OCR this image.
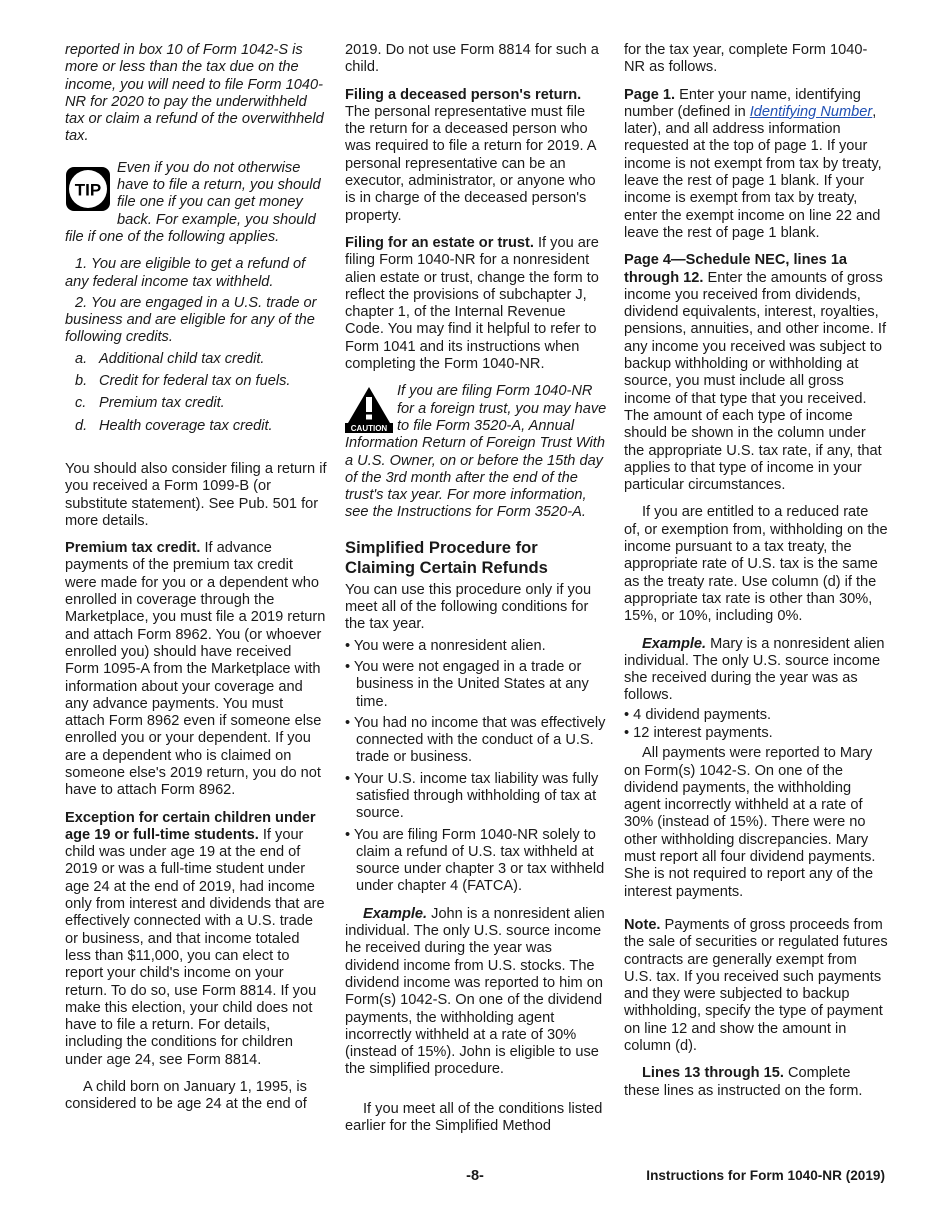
reported in box 10 of Form 1042-S is more or less than the tax due on the income, you will need to file Form 1040-NR for 2020 to pay the underwithheld tax or claim a refund of the overwithheld tax.

TIP

Even if you do not otherwise have to file a return, you should file one if you can get money back. For example, you should file if one of the following applies.

1. You are eligible to get a refund of any federal income tax withheld.

2. You are engaged in a U.S. trade or business and are eligible for any of the following credits.

a. Additional child tax credit.

b. Credit for federal tax on fuels.

c. Premium tax credit.

d. Health coverage tax credit.

You should also consider filing a return if you received a Form 1099-B (or substitute statement). See Pub. 501 for more details.

Premium tax credit. If advance payments of the premium tax credit were made for you or a dependent who enrolled in coverage through the Marketplace, you must file a 2019 return and attach Form 8962. You (or whoever enrolled you) should have received Form 1095-A from the Marketplace with information about your coverage and any advance payments. You must attach Form 8962 even if someone else enrolled you or your dependent. If you are a dependent who is claimed on someone else's 2019 return, you do not have to attach Form 8962.

Exception for certain children under age 19 or full-time students. If your child was under age 19 at the end of 2019 or was a full-time student under age 24 at the end of 2019, had income only from interest and dividends that are effectively connected with a U.S. trade or business, and that income totaled less than $11,000, you can elect to report your child's income on your return. To do so, use Form 8814. If you make this election, your child does not have to file a return. For details, including the conditions for children under age 24, see Form 8814.

A child born on January 1, 1995, is considered to be age 24 at the end of

2019. Do not use Form 8814 for such a child.

Filing a deceased person's return. The personal representative must file the return for a deceased person who was required to file a return for 2019. A personal representative can be an executor, administrator, or anyone who is in charge of the deceased person's property.

Filing for an estate or trust. If you are filing Form 1040-NR for a nonresident alien estate or trust, change the form to reflect the provisions of subchapter J, chapter 1, of the Internal Revenue Code. You may find it helpful to refer to Form 1041 and its instructions when completing the Form 1040-NR.

CAUTION

If you are filing Form 1040-NR for a foreign trust, you may have to file Form 3520-A, Annual Information Return of Foreign Trust With a U.S. Owner, on or before the 15th day of the 3rd month after the end of the trust's tax year. For more information, see the Instructions for Form 3520-A.

Simplified Procedure for Claiming Certain Refunds

You can use this procedure only if you meet all of the following conditions for the tax year.

• You were a nonresident alien.

• You were not engaged in a trade or business in the United States at any time.

• You had no income that was effectively connected with the conduct of a U.S. trade or business.

• Your U.S. income tax liability was fully satisfied through withholding of tax at source.

• You are filing Form 1040-NR solely to claim a refund of U.S. tax withheld at source under chapter 3 or tax withheld under chapter 4 (FATCA).

Example. John is a nonresident alien individual. The only U.S. source income he received during the year was dividend income from U.S. stocks. The dividend income was reported to him on Form(s) 1042-S. On one of the dividend payments, the withholding agent incorrectly withheld at a rate of 30% (instead of 15%). John is eligible to use the simplified procedure.

If you meet all of the conditions listed earlier for the Simplified Method

for the tax year, complete Form 1040-NR as follows.

Page 1. Enter your name, identifying number (defined in Identifying Number, later), and all address information requested at the top of page 1. If your income is not exempt from tax by treaty, leave the rest of page 1 blank. If your income is exempt from tax by treaty, enter the exempt income on line 22 and leave the rest of page 1 blank.

Page 4—Schedule NEC, lines 1a through 12. Enter the amounts of gross income you received from dividends, dividend equivalents, interest, royalties, pensions, annuities, and other income. If any income you received was subject to backup withholding or withholding at source, you must include all gross income of that type that you received. The amount of each type of income should be shown in the column under the appropriate U.S. tax rate, if any, that applies to that type of income in your particular circumstances.

If you are entitled to a reduced rate of, or exemption from, withholding on the income pursuant to a tax treaty, the appropriate rate of U.S. tax is the same as the treaty rate. Use column (d) if the appropriate tax rate is other than 30%, 15%, or 10%, including 0%.

Example. Mary is a nonresident alien individual. The only U.S. source income she received during the year was as follows.

• 4 dividend payments.

• 12 interest payments.

All payments were reported to Mary on Form(s) 1042-S. On one of the dividend payments, the withholding agent incorrectly withheld at a rate of 30% (instead of 15%). There were no other withholding discrepancies. Mary must report all four dividend payments. She is not required to report any of the interest payments.

Note. Payments of gross proceeds from the sale of securities or regulated futures contracts are generally exempt from U.S. tax. If you received such payments and they were subjected to backup withholding, specify the type of payment on line 12 and show the amount in column (d).

Lines 13 through 15. Complete these lines as instructed on the form.

-8-	Instructions for Form 1040-NR (2019)
